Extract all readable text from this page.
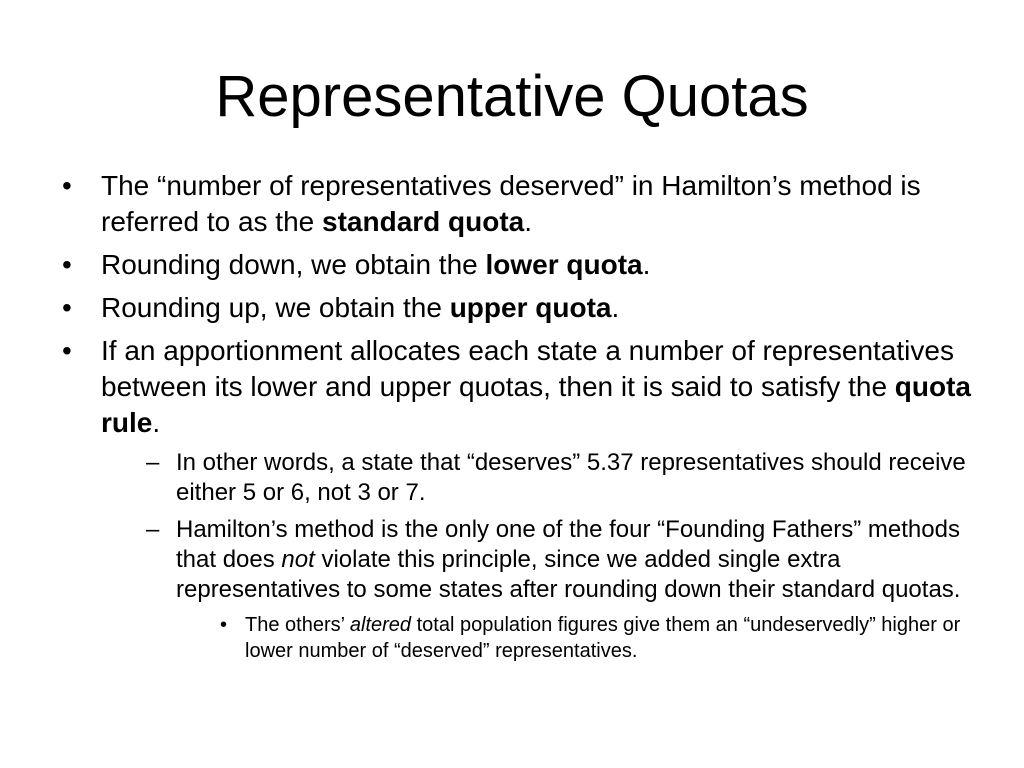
Representative Quotas
• The “number of representatives deserved” in Hamilton’s method is referred to as the standard quota.
• Rounding down, we obtain the lower quota.
• Rounding up, we obtain the upper quota.
• If an apportionment allocates each state a number of representatives between its lower and upper quotas, then it is said to satisfy the quota rule.
– In other words, a state that “deserves” 5.37 representatives should receive either 5 or 6, not 3 or 7.
– Hamilton’s method is the only one of the four “Founding Fathers” methods that does not violate this principle, since we added single extra representatives to some states after rounding down their standard quotas.
• The others’ altered total population figures give them an “undeservedly” higher or lower number of “deserved” representatives.
